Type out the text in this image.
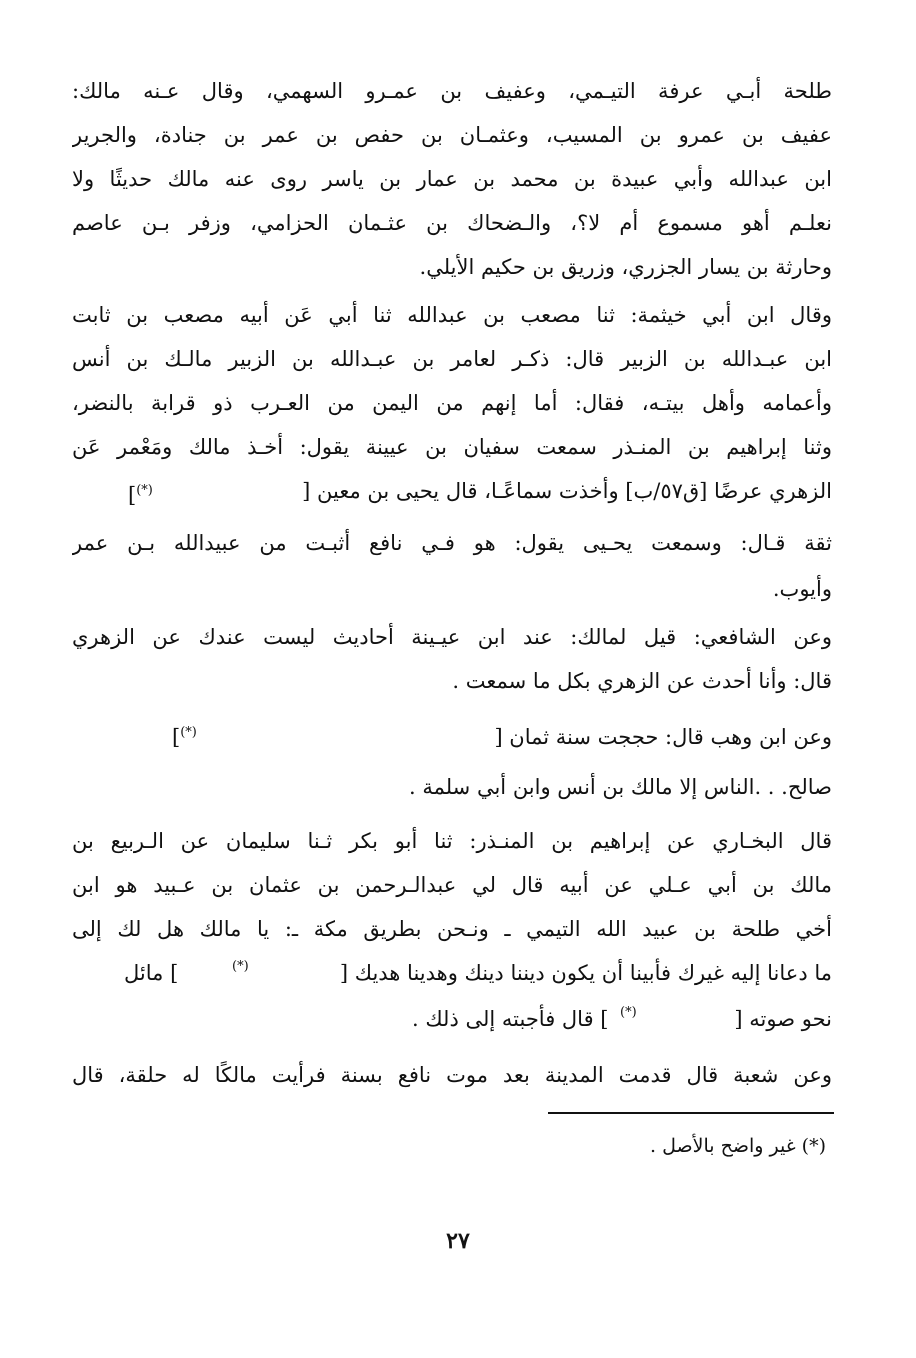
طلحة أبـي عرفة التيـمي، وعفيف بن عمـرو السهمي، وقال عـنه مالك:
عفيف بن عمرو بن المسيب، وعثمـان بن حفص بن عمر بن جنادة، والجرير
ابن عبدالله وأبي عبيدة بن محمد بن عمار بن ياسر روى عنه مالك حديثًا ولا
نعلـم أهو مسموع أم لا؟، والـضحاك بن عثـمان الحزامي، وزفر بـن عاصم
وحارثة بن يسار الجزري، وزريق بن حكيم الأيلي.
وقال ابن أبي خيثمة: ثنا مصعب بن عبدالله ثنا أبي عَن أبيه مصعب بن ثابت
ابن عبـدالله بن الزبير قال: ذكـر لعامر بن عبـدالله بن الزبير مالـك بن أنس
وأعمامه وأهل بيتـه، فقال: أما إنهم من اليمن من العـرب ذو قرابة بالنضر،
وثنا إبراهيم بن المنـذر سمعت سفيان بن عيينة يقول: أخـذ مالك ومَعْمر عَن
الزهري عرضًا [ق٥٧/ب] وأخذت سماعًـا، قال يحيى بن معين [
(*)]
ثقة قـال: وسمعت يحـيى يقول: هو فـي نافع أثبـت من عبيدالله بـن عمر
وأيوب.
وعن الشافعي: قيل لمالك: عند ابن عيـينة أحاديث ليست عندك عن الزهري
قال: وأنا أحدث عن الزهري بكل ما سمعت .
وعن ابن وهب قال: حججت سنة ثمان [
(*)]
صالح. . .الناس إلا مالك بن أنس وابن أبي سلمة .
قال البخـاري عن إبراهيم بن المنـذر: ثنا أبو بكر ثـنا سليمان عن الـربيع بن
مالك بن أبي عـلي عن أبيه قال لي عبدالـرحمن بن عثمان بن عـبيد هو ابن
أخي طلحة بن عبيد الله التيمي ـ ونـحن بطريق مكة ـ: يا مالك هل لك إلى
ما دعانا إليه غيرك فأبينا أن يكون ديننا دينك وهدينا هديك [
] مائل	(*)
نحو صوته [
] قال فأجبته إلى ذلك . (*)
وعن شعبة قال قدمت المدينة بعد موت نافع بسنة فرأيت مالكًا له حلقة، قال
(*) غير واضح بالأصل .
٢٧
